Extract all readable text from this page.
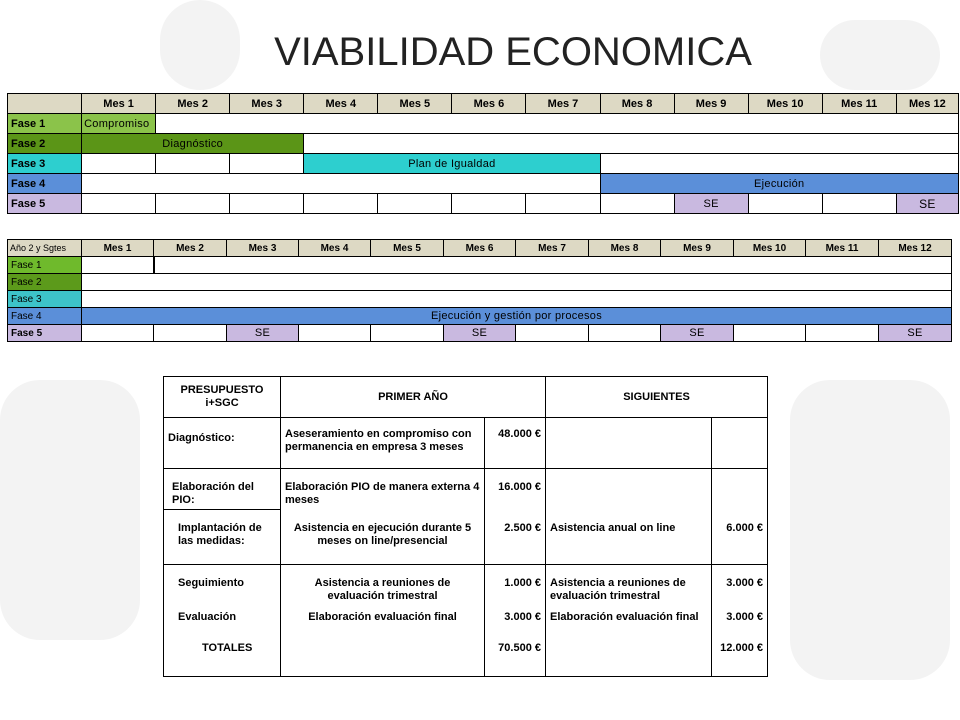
VIABILIDAD ECONOMICA
	Mes 1	Mes 2	Mes 3	Mes 4	Mes 5	Mes 6	Mes 7	Mes 8	Mes 9	Mes 10	Mes 11	Mes 12
Fase 1	Compromiso											
Fase 2	Diagnóstico											
Fase 3				Plan de Igualdad								
Fase 4								Ejecución				
Fase 5									SE			SE
Año 2 y Sgtes	Mes 1	Mes 2	Mes 3	Mes 4	Mes 5	Mes 6	Mes 7	Mes 8	Mes 9	Mes 10	Mes 11	Mes 12
Fase 1												
Fase 2												
Fase 3												
Fase 4	Ejecución y gestión por procesos											
Fase 5			SE			SE			SE			SE
PRESUPUESTO i+SGC	PRIMER AÑO		SIGUIENTES	
Diagnóstico:	Aseseramiento en compromiso con permanencia en empresa 3 meses	48.000 €		
Elaboración del PIO:	Elaboración PIO de manera externa 4 meses	16.000 €		
Implantación de las medidas:	Asistencia en ejecución durante 5 meses on line/presencial	2.500 €	Asistencia anual on line	6.000 €
Seguimiento	Asistencia a reuniones de evaluación trimestral	1.000 €	Asistencia a reuniones de evaluación trimestral	3.000 €
Evaluación	Elaboración evaluación final	3.000 €	Elaboración evaluación final	3.000 €
TOTALES		70.500 €		12.000 €
